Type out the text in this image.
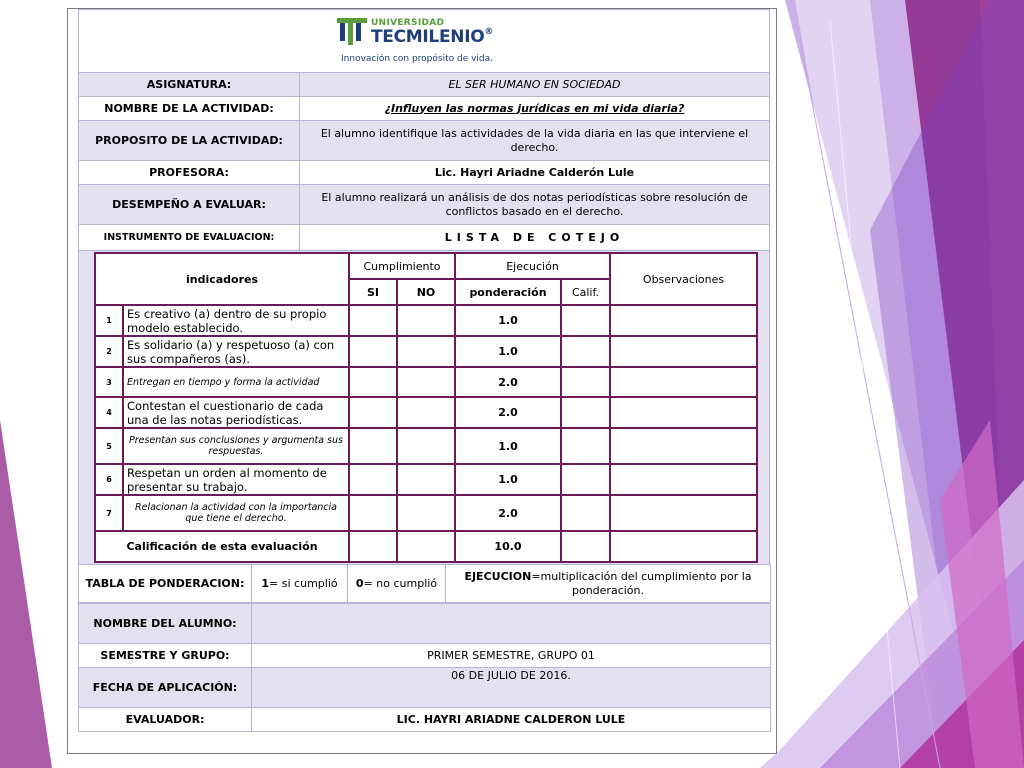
UNIVERSIDAD
TECMILENIO®
Innovación con propósito de vida.
ASIGNATURA:	EL SER HUMANO EN SOCIEDAD
NOMBRE DE LA ACTIVIDAD:	¿Influyen las normas jurídicas en mi vida diaria?
PROPOSITO DE LA ACTIVIDAD:	El alumno identifique las actividades de la vida diaria en las que interviene el derecho.
PROFESORA:	Lic. Hayri Ariadne Calderón Lule
DESEMPEÑO A EVALUAR:	El alumno realizará un análisis de dos notas periodísticas sobre resolución de conflictos basado en el derecho.
INSTRUMENTO DE EVALUACION:	LISTA DE COTEJO
indicadores		Cumplimiento		Ejecución		Observaciones
		SI	NO	ponderación	Calif.	
1	Es creativo (a) dentro de su propio modelo establecido.			1.0		
2	Es solidario (a) y respetuoso (a) con sus compañeros (as).			1.0		
3	Entregan en tiempo y forma la actividad			2.0		
4	Contestan el cuestionario de cada una de las notas periodísticas.			2.0		
5	Presentan sus conclusiones y argumenta sus respuestas.			1.0		
6	Respetan un orden al momento de presentar su trabajo.			1.0		
7	Relacionan la actividad con la importancia que tiene el derecho.			2.0		
Calificación de esta evaluación				10.0		
TABLA DE PONDERACION:	1= si cumplió	0= no cumplió	EJECUCION=multiplicación del cumplimiento por la ponderación.
NOMBRE DEL ALUMNO:	
SEMESTRE Y GRUPO:	PRIMER SEMESTRE, GRUPO 01
FECHA DE APLICACIÓN:	06 DE JULIO DE 2016.
EVALUADOR:	LIC. HAYRI ARIADNE CALDERON LULE
